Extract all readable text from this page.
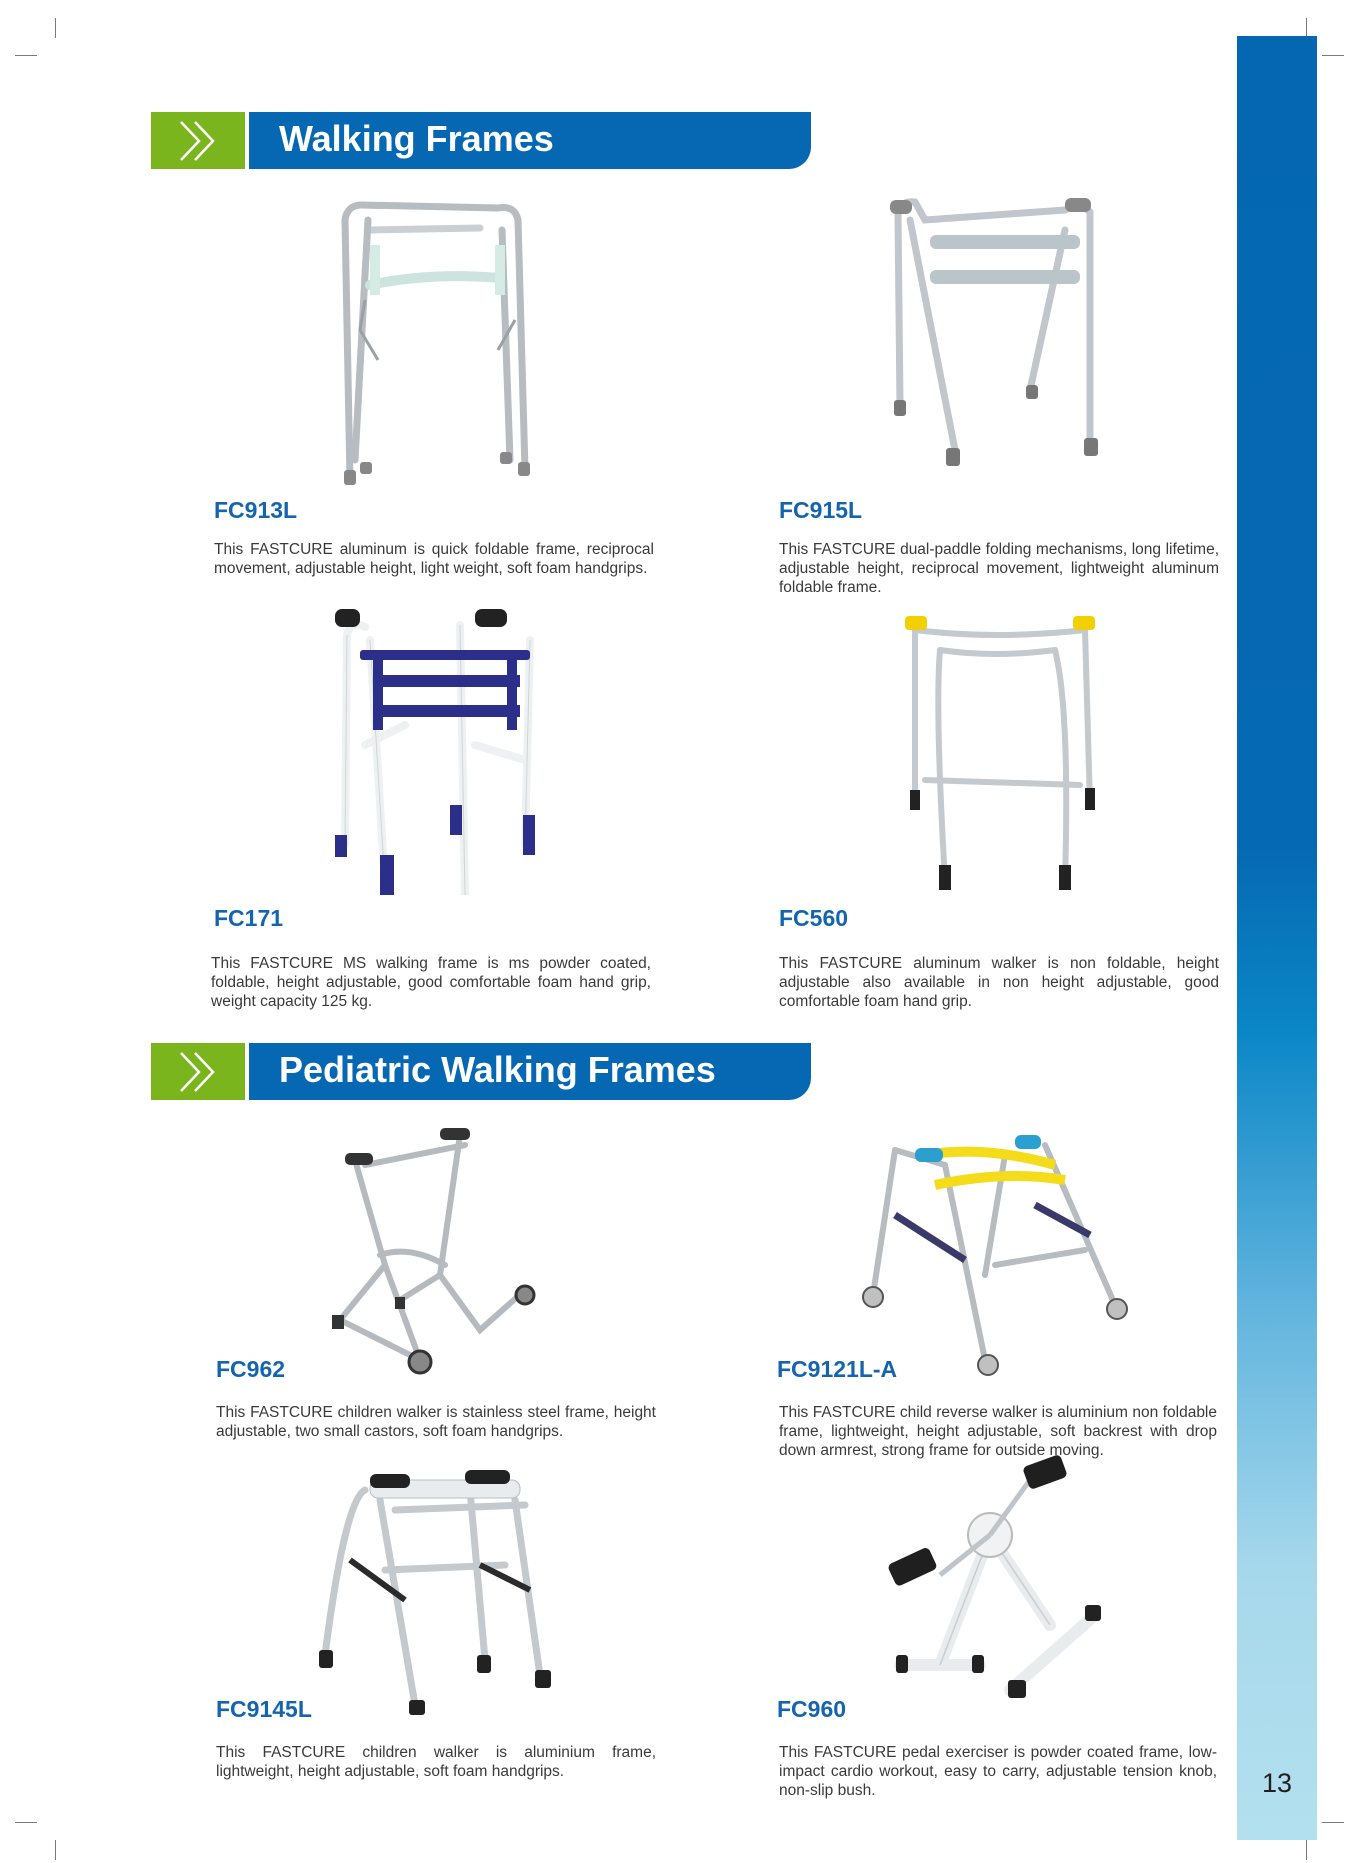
13
Walking Frames
Pediatric Walking Frames
FC913L

This FASTCURE aluminum is quick foldable frame, reciprocal movement, adjustable height, light weight, soft foam handgrips.

FC915L

This FASTCURE dual-paddle folding mechanisms, long lifetime, adjustable height, reciprocal movement, lightweight aluminum foldable frame.

FC171

This FASTCURE MS walking frame is ms powder coated, foldable, height adjustable, good comfortable foam hand grip, weight capacity 125 kg.

FC560

This FASTCURE aluminum walker is non foldable, height adjustable also available in non height adjustable, good comfortable foam hand grip.

FC962

This FASTCURE children walker is stainless steel frame, height adjustable, two small castors, soft foam handgrips.

FC9121L-A

This FASTCURE child reverse walker is aluminium non foldable frame, lightweight, height adjustable, soft backrest with drop down armrest, strong frame for outside moving.

FC9145L

This FASTCURE children walker is aluminium frame, lightweight, height adjustable, soft foam handgrips.

FC960

This FASTCURE pedal exerciser is powder coated frame, low-impact cardio workout, easy to carry, adjustable tension knob, non-slip bush.
